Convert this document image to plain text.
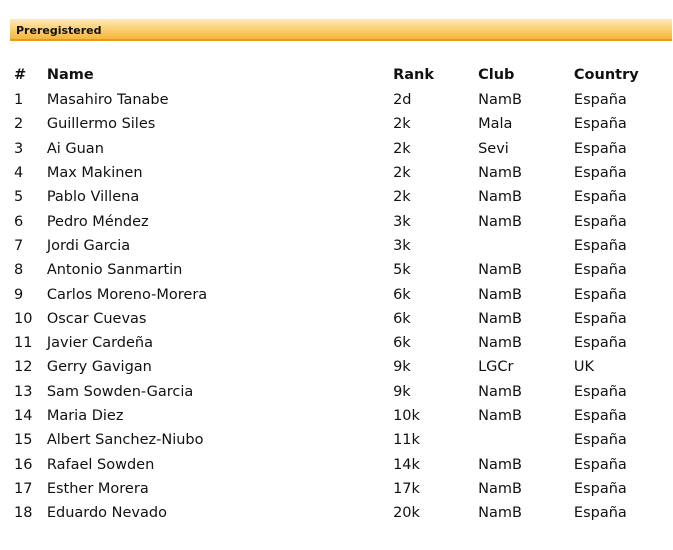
Preregistered
#	Name	Rank	Club	Country
1	Masahiro Tanabe	2d	NamB	España
2	Guillermo Siles	2k	Mala	España
3	Ai Guan	2k	Sevi	España
4	Max Makinen	2k	NamB	España
5	Pablo Villena	2k	NamB	España
6	Pedro Méndez	3k	NamB	España
7	Jordi Garcia	3k		España
8	Antonio Sanmartin	5k	NamB	España
9	Carlos Moreno-Morera	6k	NamB	España
10	Oscar Cuevas	6k	NamB	España
11	Javier Cardeña	6k	NamB	España
12	Gerry Gavigan	9k	LGCr	UK
13	Sam Sowden-Garcia	9k	NamB	España
14	Maria Diez	10k	NamB	España
15	Albert Sanchez-Niubo	11k		España
16	Rafael Sowden	14k	NamB	España
17	Esther Morera	17k	NamB	España
18	Eduardo Nevado	20k	NamB	España
